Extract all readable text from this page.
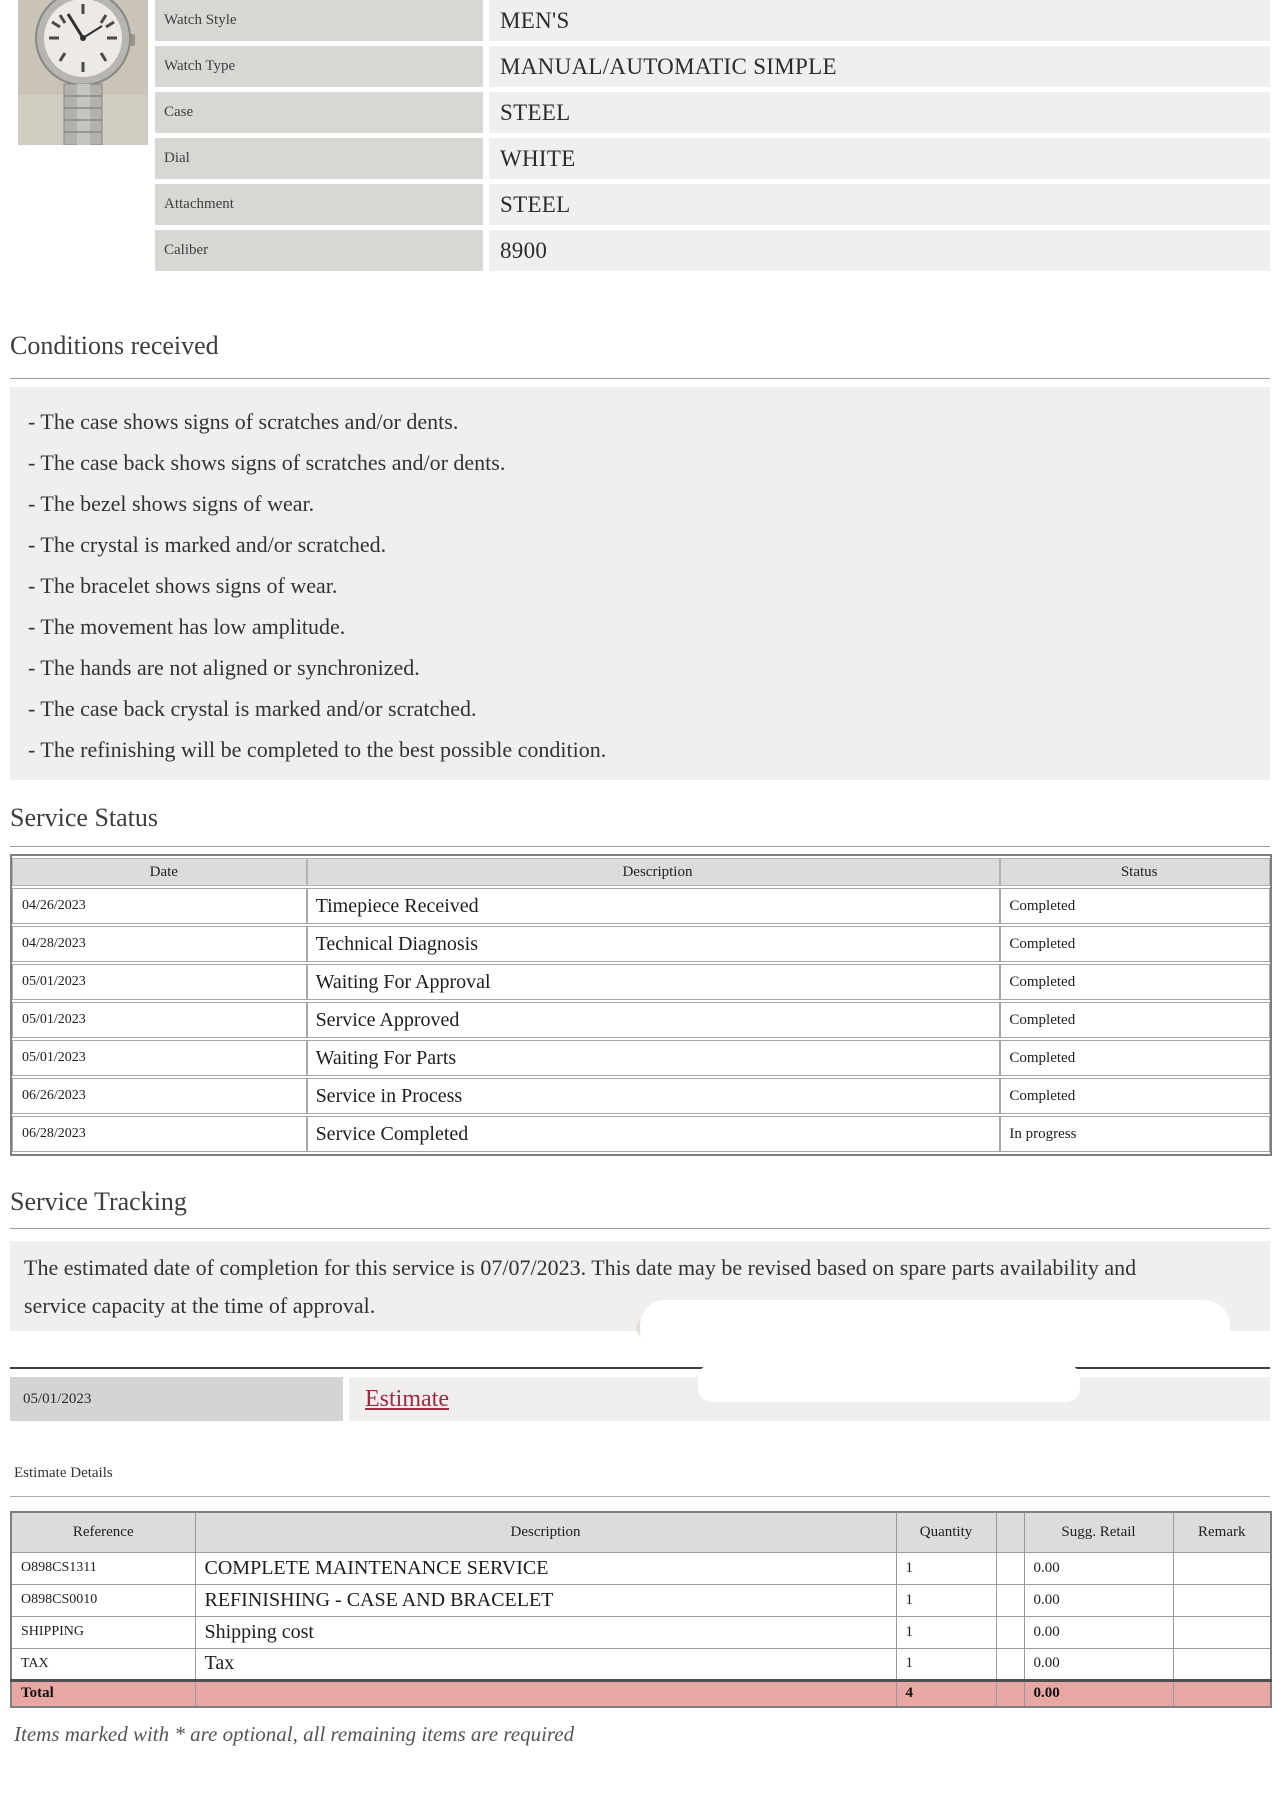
Watch Style	MEN'S
Watch Type	MANUAL/AUTOMATIC SIMPLE
Case	STEEL
Dial	WHITE
Attachment	STEEL
Caliber	8900
Conditions received
- The case shows signs of scratches and/or dents.
- The case back shows signs of scratches and/or dents.
- The bezel shows signs of wear.
- The crystal is marked and/or scratched.
- The bracelet shows signs of wear.
- The movement has low amplitude.
- The hands are not aligned or synchronized.
- The case back crystal is marked and/or scratched.
- The refinishing will be completed to the best possible condition.
Service Status
Date	Description	Status
04/26/2023	Timepiece Received	Completed
04/28/2023	Technical Diagnosis	Completed
05/01/2023	Waiting For Approval	Completed
05/01/2023	Service Approved	Completed
05/01/2023	Waiting For Parts	Completed
06/26/2023	Service in Process	Completed
06/28/2023	Service Completed	In progress
Service Tracking

The estimated date of completion for this service is 07/07/2023. This date may be revised based on spare parts availability and service capacity at the time of approval.

05/01/2023	Estimate
Estimate Details
Reference	Description	Quantity		Sugg. Retail	Remark
O898CS1311	COMPLETE MAINTENANCE SERVICE	1		0.00	
O898CS0010	REFINISHING - CASE AND BRACELET	1		0.00	
SHIPPING	Shipping cost	1		0.00	
TAX	Tax	1		0.00	
Total		4		0.00	
Items marked with * are optional, all remaining items are required
